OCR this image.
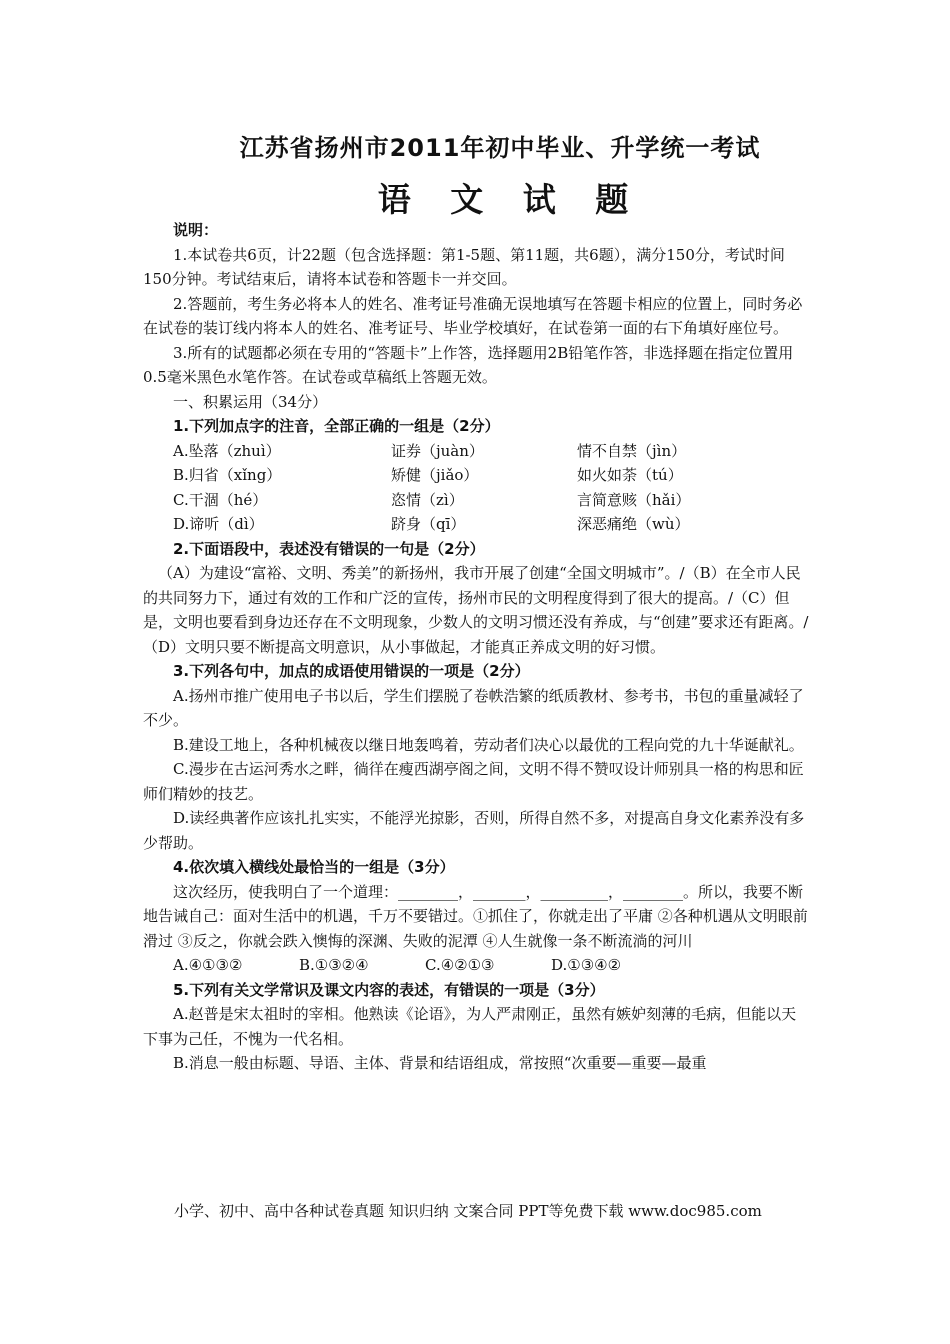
江苏省扬州市2011年初中毕业、升学统一考试
语 文 试 题

说明：

1.本试卷共6页，计22题（包含选择题：第1-5题、第11题，共6题），满分150分，考试时间150分钟。考试结束后，请将本试卷和答题卡一并交回。

2.答题前，考生务必将本人的姓名、准考证号准确无误地填写在答题卡相应的位置上，同时务必在试卷的装订线内将本人的姓名、准考证号、毕业学校填好，在试卷第一面的右下角填好座位号。

3.所有的试题都必须在专用的“答题卡”上作答，选择题用2B铅笔作答，非选择题在指定位置用0.5毫米黑色水笔作答。在试卷或草稿纸上答题无效。

一、积累运用（34分）

1.下列加点字的注音，全部正确的一组是（2分）

A.坠落（zhuì）	证券（juàn）	情不自禁（jìn）
B.归省（xǐng）	矫健（jiǎo）	如火如荼（tú）
C.干涸（hé）	恣情（zì）	言简意赅（hǎi）
D.谛听（dì）	跻身（qī）	深恶痛绝（wù）

2.下面语段中，表述没有错误的一句是（2分）

（A）为建设“富裕、文明、秀美”的新扬州，我市开展了创建“全国文明城市”。/（B）在全市人民的共同努力下，通过有效的工作和广泛的宣传，扬州市民的文明程度得到了很大的提高。/（C）但是，文明也要看到身边还存在不文明现象，少数人的文明习惯还没有养成，与“创建”要求还有距离。/（D）文明只要不断提高文明意识，从小事做起，才能真正养成文明的好习惯。

3.下列各句中，加点的成语使用错误的一项是（2分）

A.扬州市推广使用电子书以后，学生们摆脱了卷帙浩繁的纸质教材、参考书，书包的重量减轻了不少。

B.建设工地上，各种机械夜以继日地轰鸣着，劳动者们决心以最优的工程向党的九十华诞献礼。

C.漫步在古运河秀水之畔，徜徉在瘦西湖亭阁之间，文明不得不赞叹设计师别具一格的构思和匠师们精妙的技艺。

D.读经典著作应该扎扎实实，不能浮光掠影，否则，所得自然不多，对提高自身文化素养没有多少帮助。

4.依次填入横线处最恰当的一组是（3分）

这次经历，使我明白了一个道理：________，_______，_________，________。所以，我要不断地告诫自己：面对生活中的机遇，千万不要错过。①抓住了，你就走出了平庸 ②各种机遇从文明眼前滑过 ③反之，你就会跌入懊悔的深渊、失败的泥潭 ④人生就像一条不断流淌的河川

A.④①③②	B.①③②④	C.④②①③	D.①③④②

5.下列有关文学常识及课文内容的表述，有错误的一项是（3分）

A.赵普是宋太祖时的宰相。他熟读《论语》，为人严肃刚正，虽然有嫉妒刻薄的毛病，但能以天下事为己任，不愧为一代名相。

B.消息一般由标题、导语、主体、背景和结语组成，常按照“次重要—重要—最重

小学、初中、高中各种试卷真题 知识归纳 文案合同 PPT等免费下载 www.doc985.com
